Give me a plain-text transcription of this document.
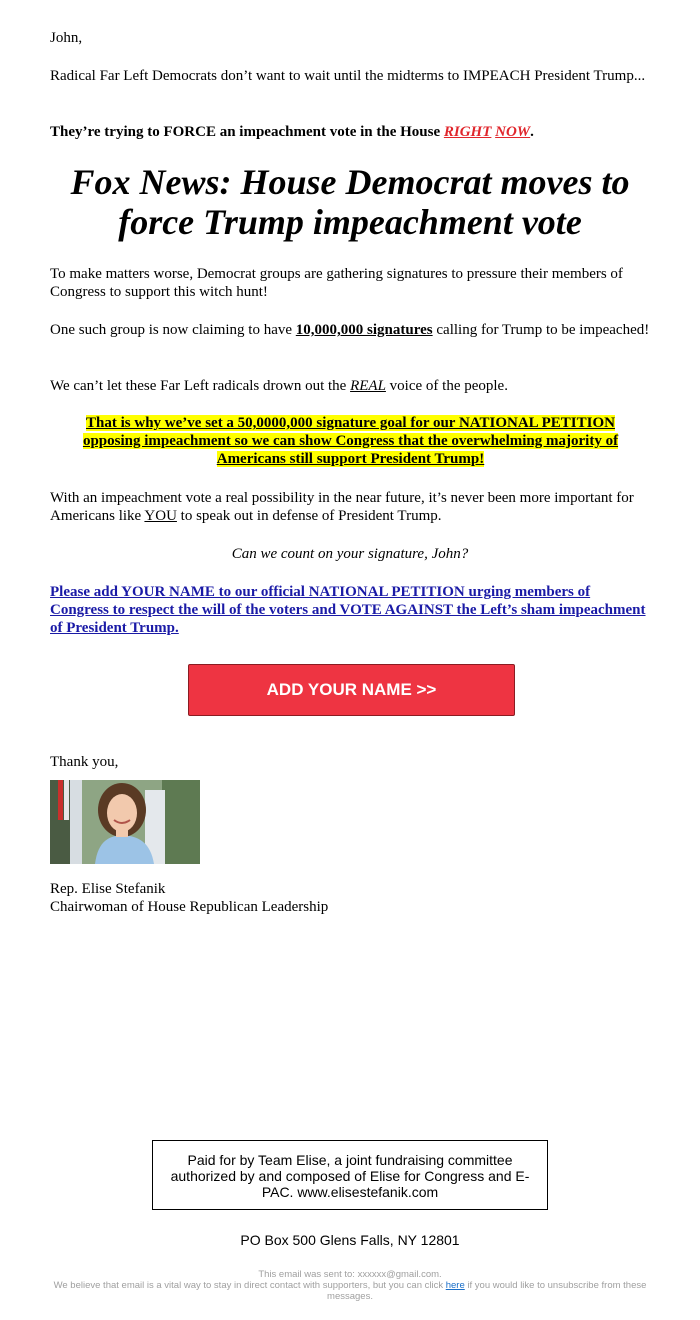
John,

Radical Far Left Democrats don’t want to wait until the midterms to IMPEACH President Trump...

They’re trying to FORCE an impeachment vote in the House RIGHT NOW.

Fox News: House Democrat moves to force Trump impeachment vote

To make matters worse, Democrat groups are gathering signatures to pressure their members of Congress to support this witch hunt!

One such group is now claiming to have 10,000,000 signatures calling for Trump to be impeached!

We can’t let these Far Left radicals drown out the REAL voice of the people.

That is why we’ve set a 50,0000,000 signature goal for our NATIONAL PETITION opposing impeachment so we can show Congress that the overwhelming majority of Americans still support President Trump!

With an impeachment vote a real possibility in the near future, it’s never been more important for Americans like YOU to speak out in defense of President Trump.

Can we count on your signature, John?

Please add YOUR NAME to our official NATIONAL PETITION urging members of Congress to respect the will of the voters and VOTE AGAINST the Left’s sham impeachment of President Trump.

ADD YOUR NAME >>

Thank you,

Rep. Elise Stefanik

Chairwoman of House Republican Leadership

Paid for by Team Elise, a joint fundraising committee authorized by and composed of Elise for Congress and E-PAC. www.elisestefanik.com
PO Box 500 Glens Falls, NY 12801
This email was sent to: xxxxxx@gmail.com.
We believe that email is a vital way to stay in direct contact with supporters, but you can click here if you would like to unsubscribe from these messages.
